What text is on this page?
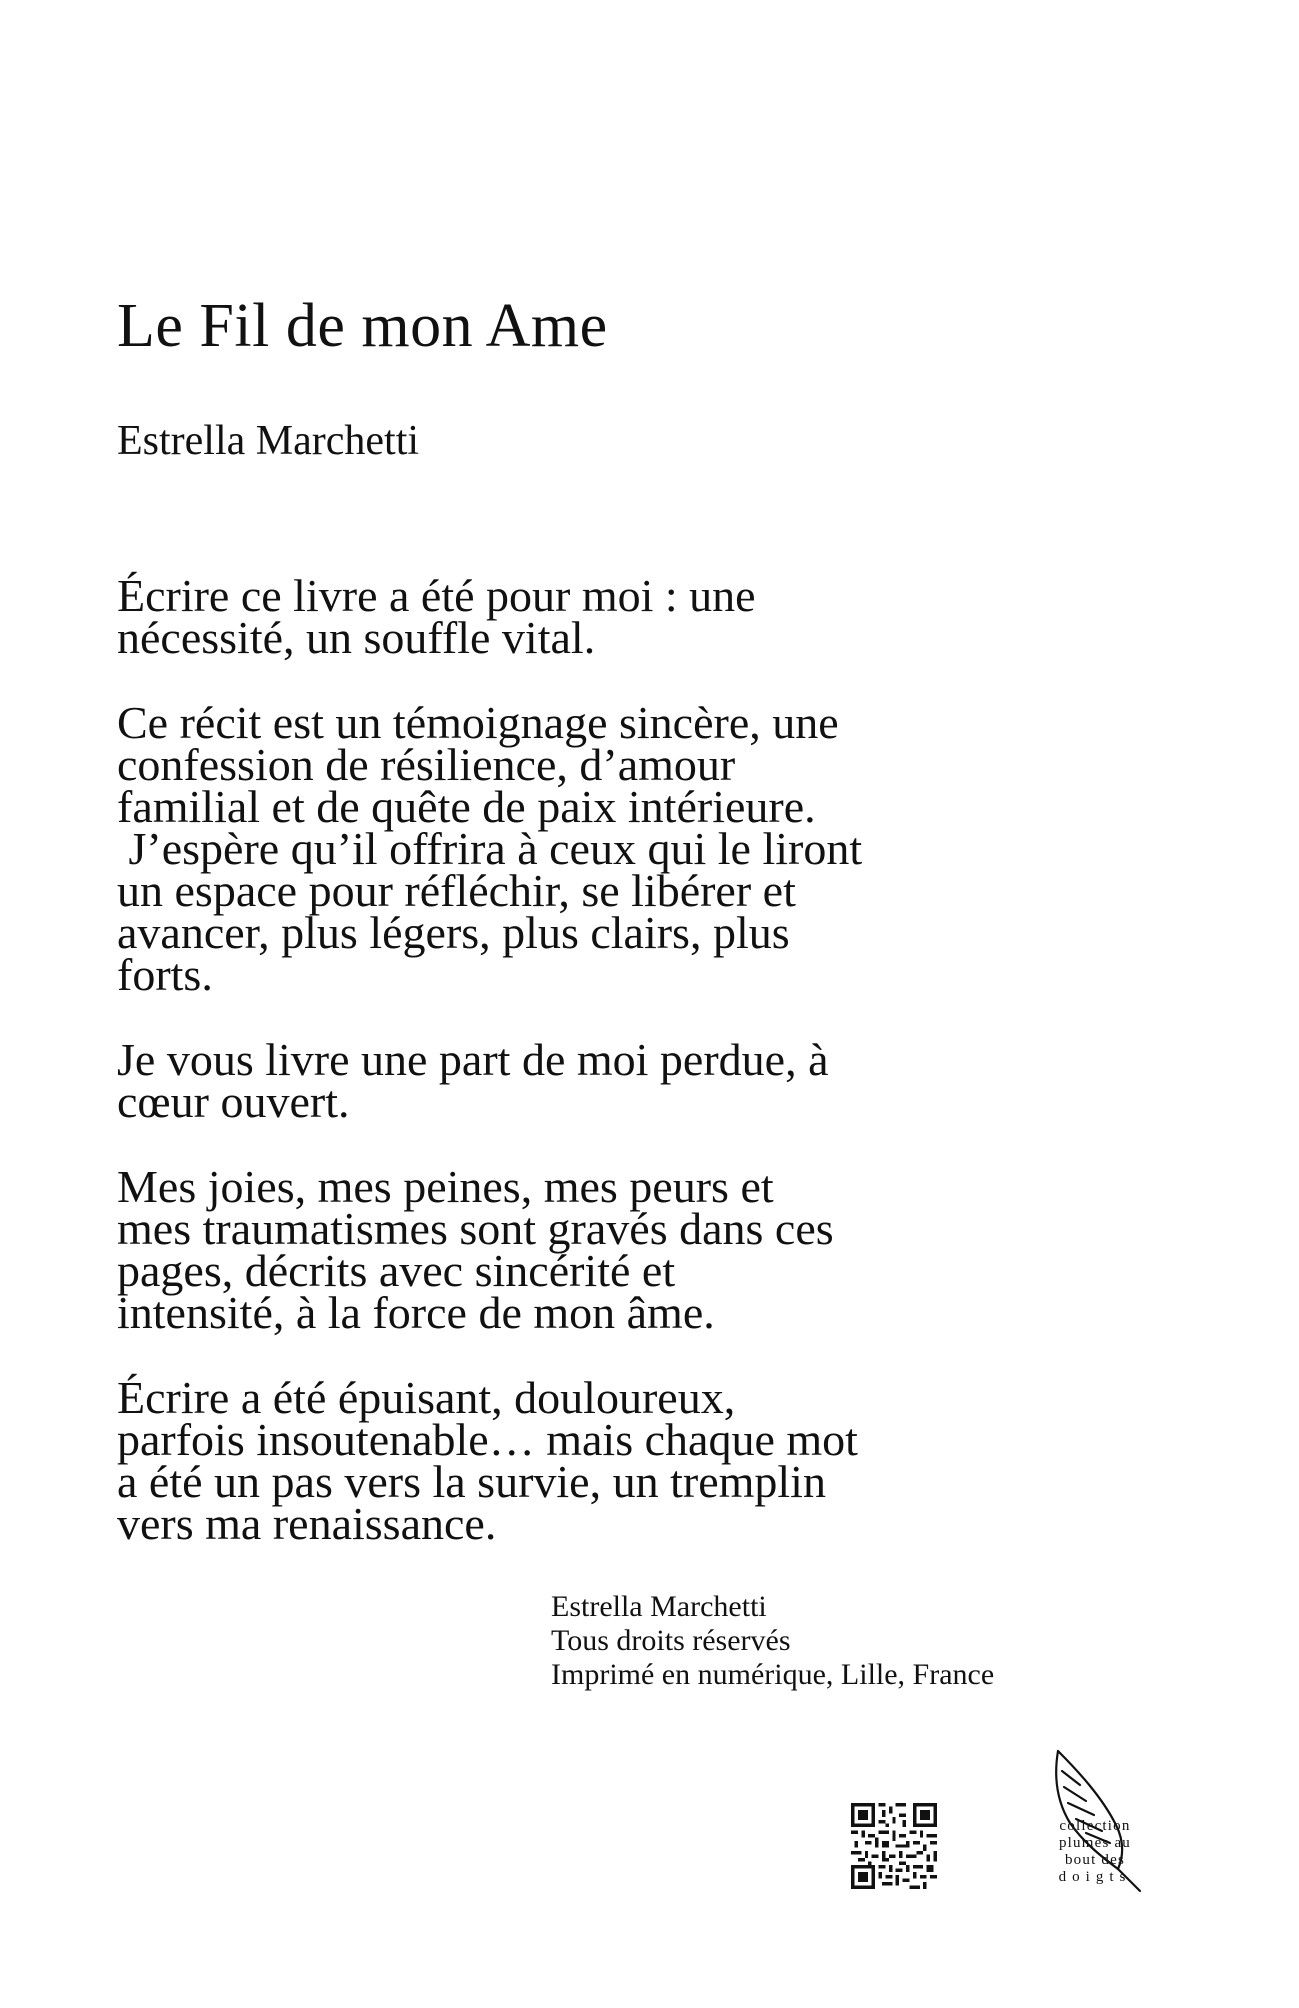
Le Fil de mon Ame
Estrella Marchetti

Écrire ce livre a été pour moi : une
nécessité, un souffle vital.

Ce récit est un témoignage sincère, une
confession de résilience, d’amour
familial et de quête de paix intérieure.
J’espère qu’il offrira à ceux qui le liront
un espace pour réfléchir, se libérer et
avancer, plus légers, plus clairs, plus
forts.

Je vous livre une part de moi perdue, à
cœur ouvert.

Mes joies, mes peines, mes peurs et
mes traumatismes sont gravés dans ces
pages, décrits avec sincérité et
intensité, à la force de mon âme.

Écrire a été épuisant, douloureux,
parfois insoutenable… mais chaque mot
a été un pas vers la survie, un tremplin
vers ma renaissance.

Estrella Marchetti
Tous droits réservés
Imprimé en numérique, Lille, France
collection
plumes au
bout des
doigts
